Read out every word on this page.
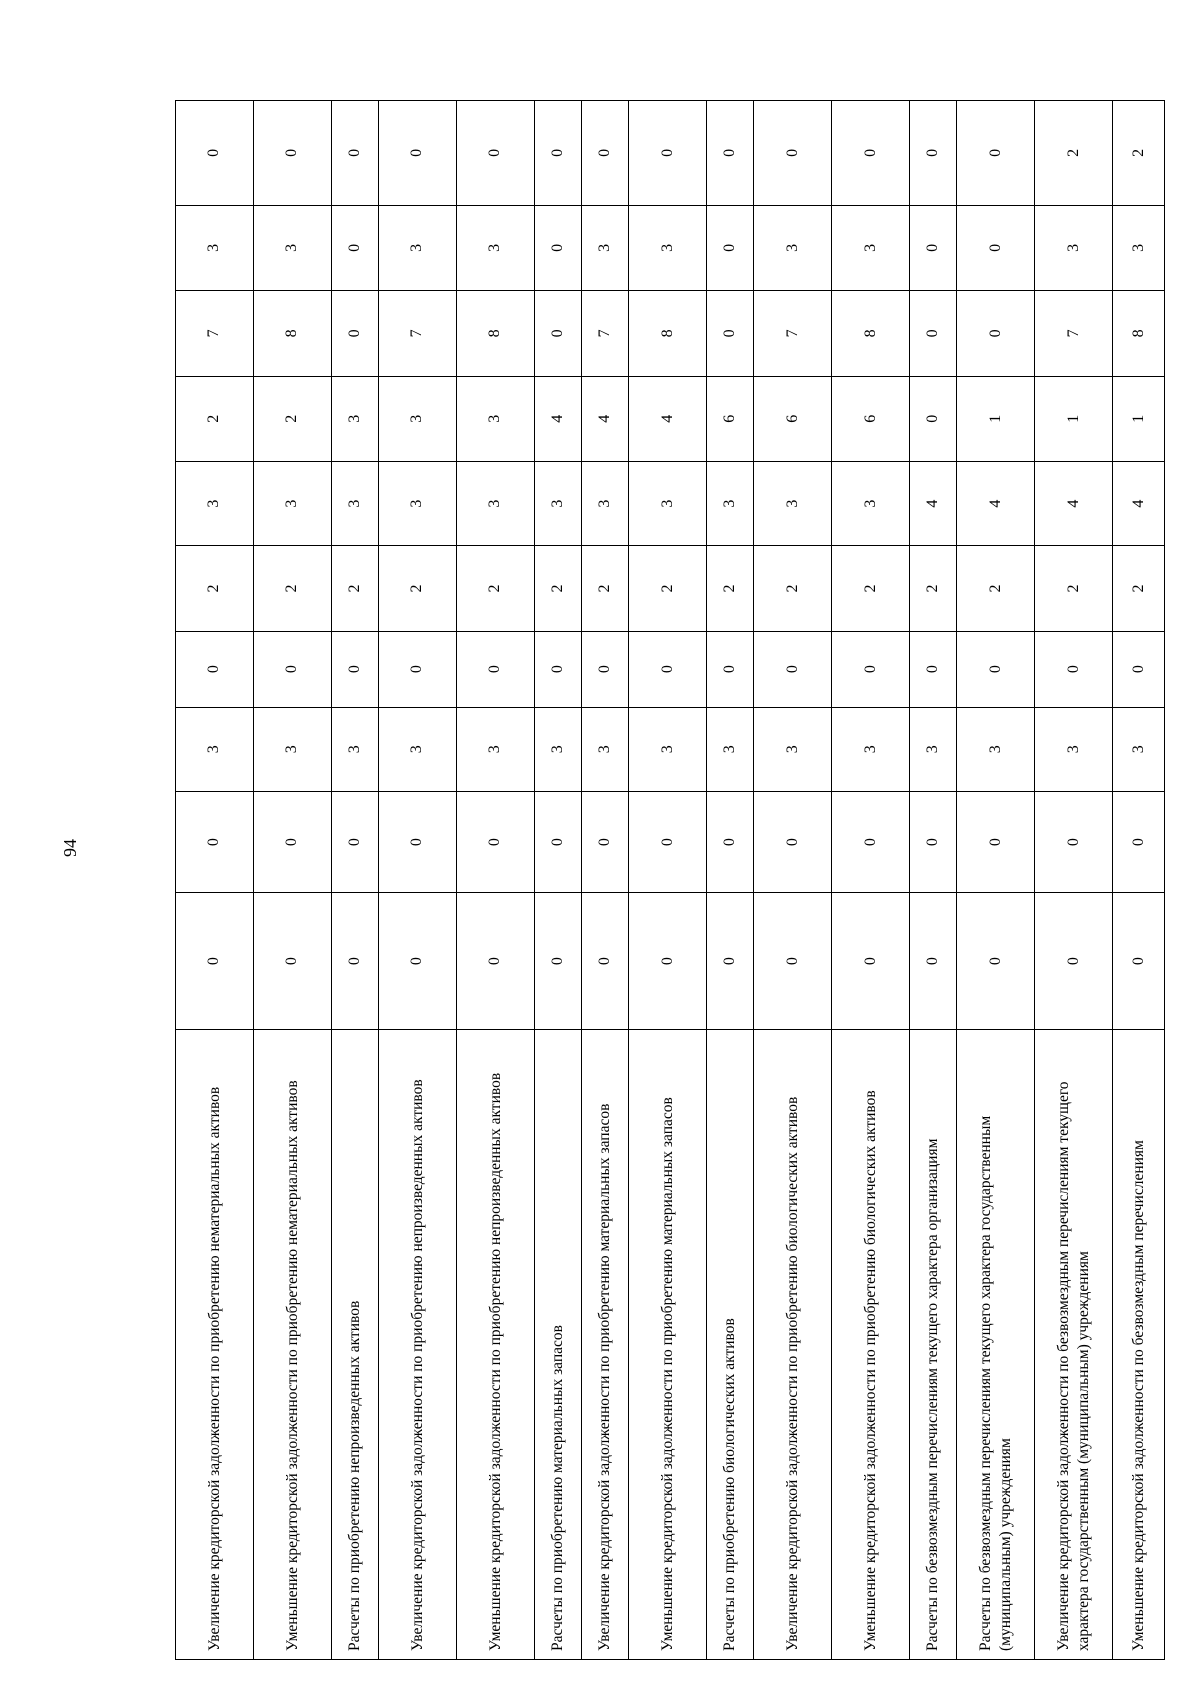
94
Увеличение кредиторской задолженности по приобретению нематериальных активов	0	0	3	0	2	3	2	7	3	0
Уменьшение кредиторской задолженности по приобретению нематериальных активов	0	0	3	0	2	3	2	8	3	0
Расчеты по приобретению непроизведенных активов	0	0	3	0	2	3	3	0	0	0
Увеличение кредиторской задолженности по приобретению непроизведенных активов	0	0	3	0	2	3	3	7	3	0
Уменьшение кредиторской задолженности по приобретению непроизведенных активов	0	0	3	0	2	3	3	8	3	0
Расчеты по приобретению материальных запасов	0	0	3	0	2	3	4	0	0	0
Увеличение кредиторской задолженности по приобретению материальных запасов	0	0	3	0	2	3	4	7	3	0
Уменьшение кредиторской задолженности по приобретению материальных запасов	0	0	3	0	2	3	4	8	3	0
Расчеты по приобретению биологических активов	0	0	3	0	2	3	6	0	0	0
Увеличение кредиторской задолженности по приобретению биологических активов	0	0	3	0	2	3	6	7	3	0
Уменьшение кредиторской задолженности по приобретению биологических активов	0	0	3	0	2	3	6	8	3	0
Расчеты по безвозмездным перечислениям текущего характера организациям	0	0	3	0	2	4	0	0	0	0
Расчеты по безвозмездным перечислениям текущего характера государственным (муниципальным) учреждениям	0	0	3	0	2	4	1	0	0	0
Увеличение кредиторской задолженности по безвозмездным перечислениям текущего характера государственным (муниципальным) учреждениям	0	0	3	0	2	4	1	7	3	2
Уменьшение кредиторской задолженности по безвозмездным перечислениям	0	0	3	0	2	4	1	8	3	2
